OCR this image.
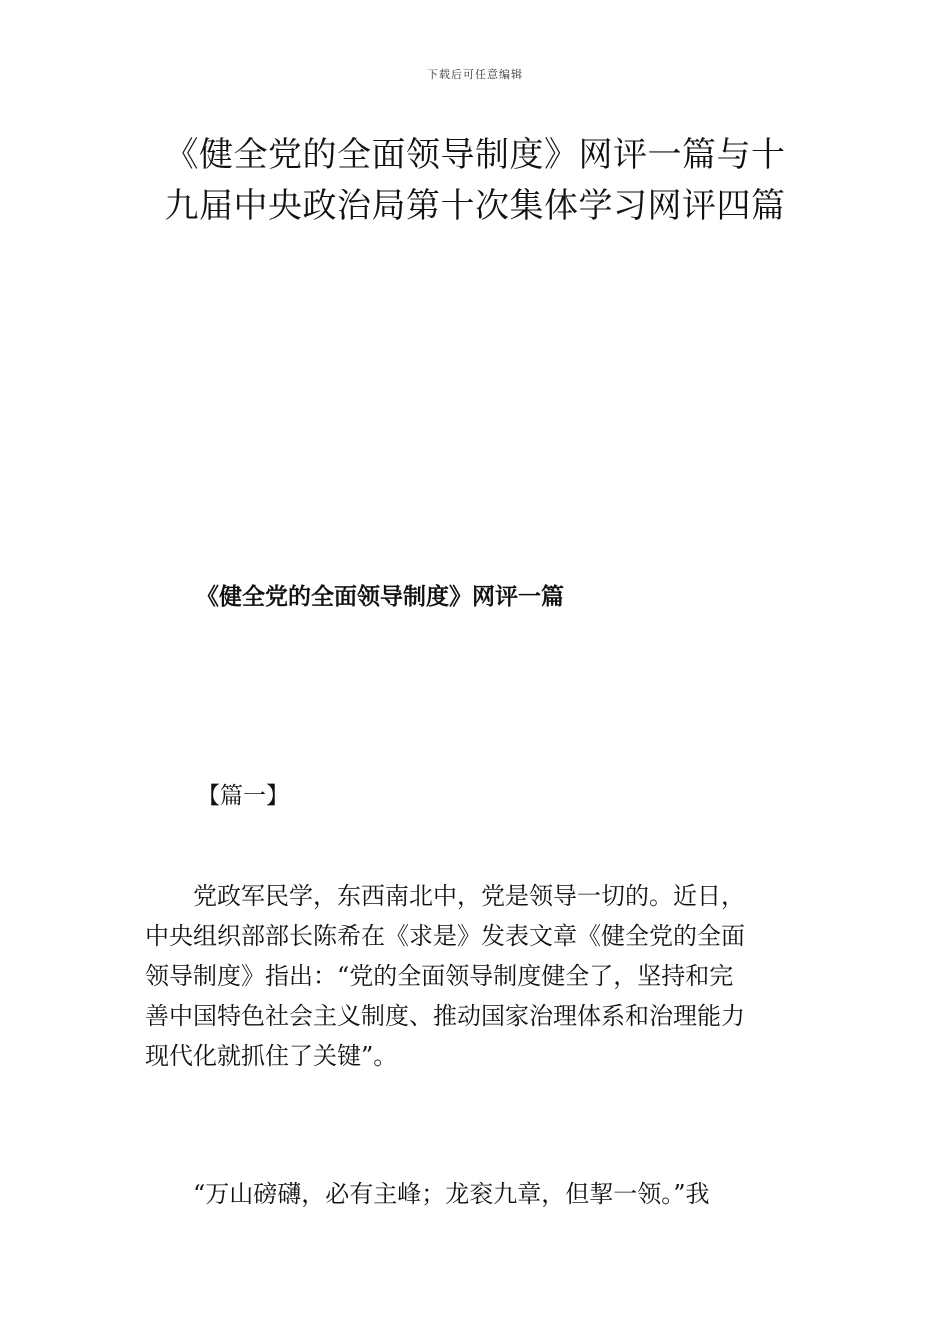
下载后可任意编辑
《健全党的全面领导制度》网评一篇与十
九届中央政治局第十次集体学习网评四篇
《健全党的全面领导制度》网评一篇
【篇一】

党政军民学，东西南北中，党是领导一切的。近日，
中央组织部部长陈希在《求是》发表文章《健全党的全面
领导制度》指出：“党的全面领导制度健全了，坚持和完
善中国特色社会主义制度、推动国家治理体系和治理能力
现代化就抓住了关键”。

“万山磅礴，必有主峰；龙衮九章，但挈一领。”我
